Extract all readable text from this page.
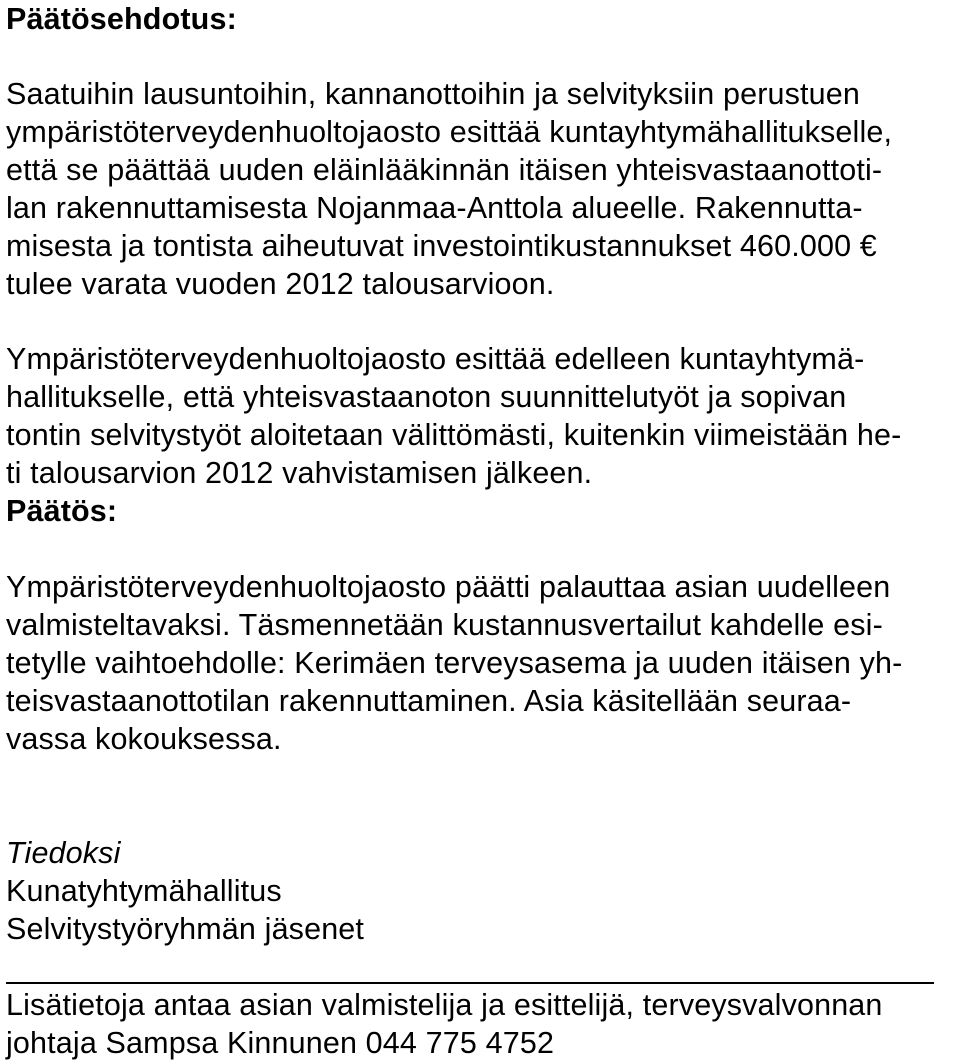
Päätösehdotus:
Saatuihin lausuntoihin, kannanottoihin ja selvityksiin perustuen
ympäristöterveydenhuoltojaosto esittää kuntayhtymähallitukselle,
että se päättää uuden eläinlääkinnän itäisen yhteisvastaanottoti-
lan rakennuttamisesta Nojanmaa-Anttola alueelle. Rakennutta-
misesta ja tontista aiheutuvat investointikustannukset 460.000 €
tulee varata vuoden 2012 talousarvioon.
Ympäristöterveydenhuoltojaosto esittää edelleen kuntayhtymä-
hallitukselle, että yhteisvastaanoton suunnittelutyöt ja sopivan
tontin selvitystyöt aloitetaan välittömästi, kuitenkin viimeistään he-
ti talousarvion 2012 vahvistamisen jälkeen.
Päätös:
Ympäristöterveydenhuoltojaosto päätti palauttaa asian uudelleen
valmisteltavaksi. Täsmennetään kustannusvertailut kahdelle esi-
tetylle vaihtoehdolle: Kerimäen terveysasema ja uuden itäisen yh-
teisvastaanottotilan rakennuttaminen. Asia käsitellään seuraa-
vassa kokouksessa.
Tiedoksi
Kunatyhtymähallitus
Selvitystyöryhmän jäsenet
Lisätietoja antaa asian valmistelija ja esittelijä, terveysvalvonnan
johtaja Sampsa Kinnunen 044 775 4752
